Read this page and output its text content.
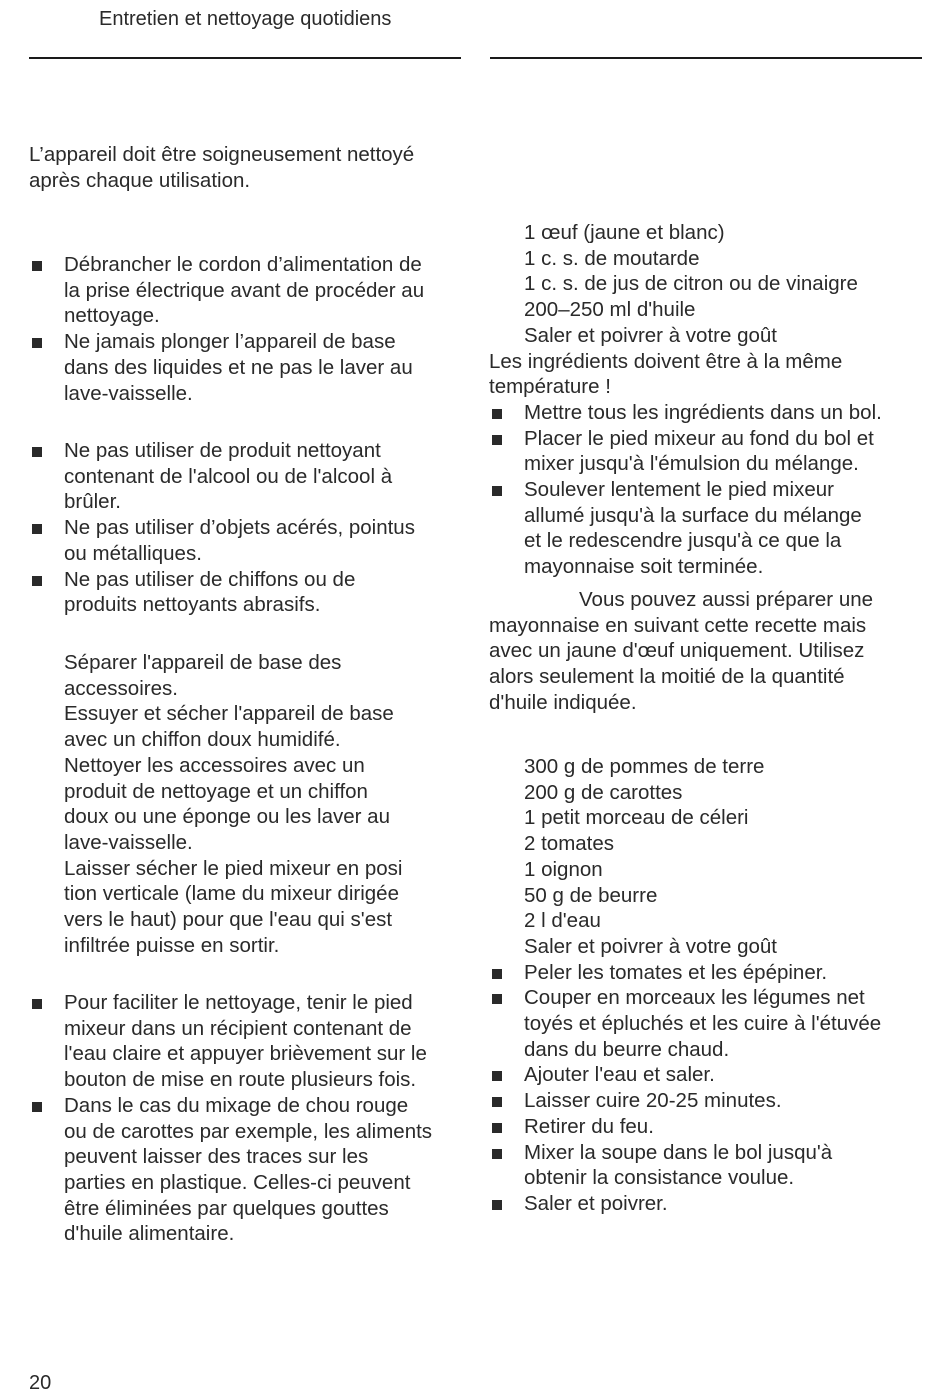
Entretien et nettoyage quotidiens
L’appareil doit être soigneusement nettoyé
après chaque utilisation.
Débrancher le cordon d’alimentation de
la prise électrique avant de procéder au
nettoyage.
Ne jamais plonger l’appareil de base
dans des liquides et ne pas le laver au
lave-vaisselle.
Ne pas utiliser de produit nettoyant
contenant de l'alcool ou de l'alcool à
brûler.
Ne pas utiliser d’objets acérés, pointus
ou métalliques.
Ne pas utiliser de chiffons ou de
produits nettoyants abrasifs.
Séparer l'appareil de base des
accessoires.
Essuyer et sécher l'appareil de base
avec un chiffon doux humidifé.
Nettoyer les accessoires avec un
produit de nettoyage et un chiffon
doux ou une éponge ou les laver au
lave-vaisselle.
Laisser sécher le pied mixeur en posi
tion verticale (lame du mixeur dirigée
vers le haut) pour que l'eau qui s'est
infiltrée puisse en sortir.
Pour faciliter le nettoyage, tenir le pied
mixeur dans un récipient contenant de
l'eau claire et appuyer brièvement sur le
bouton de mise en route plusieurs fois.
Dans le cas du mixage de chou rouge
ou de carottes par exemple, les aliments
peuvent laisser des traces sur les
parties en plastique. Celles-ci peuvent
être éliminées par quelques gouttes
d'huile alimentaire.
1 œuf (jaune et blanc)
1 c. s. de moutarde
1 c. s. de jus de citron ou de vinaigre
200–250 ml d'huile
Saler et poivrer à votre goût
Les ingrédients doivent être à la même
température !
Mettre tous les ingrédients dans un bol.
Placer le pied mixeur au fond du bol et
mixer jusqu'à l'émulsion du mélange.
Soulever lentement le pied mixeur
allumé jusqu'à la surface du mélange
et le redescendre jusqu'à ce que la
mayonnaise soit terminée.
Vous pouvez aussi préparer une
mayonnaise en suivant cette recette mais
avec un jaune d'œuf uniquement. Utilisez
alors seulement la moitié de la quantité
d'huile indiquée.
300 g de pommes de terre
200 g de carottes
1 petit morceau de céleri
2 tomates
1 oignon
50 g de beurre
2 l d'eau
Saler et poivrer à votre goût
Peler les tomates et les épépiner.
Couper en morceaux les légumes net
toyés et épluchés et les cuire à l'étuvée
dans du beurre chaud.
Ajouter l'eau et saler.
Laisser cuire 20-25 minutes.
Retirer du feu.
Mixer la soupe dans le bol jusqu'à
obtenir la consistance voulue.
Saler et poivrer.
20
